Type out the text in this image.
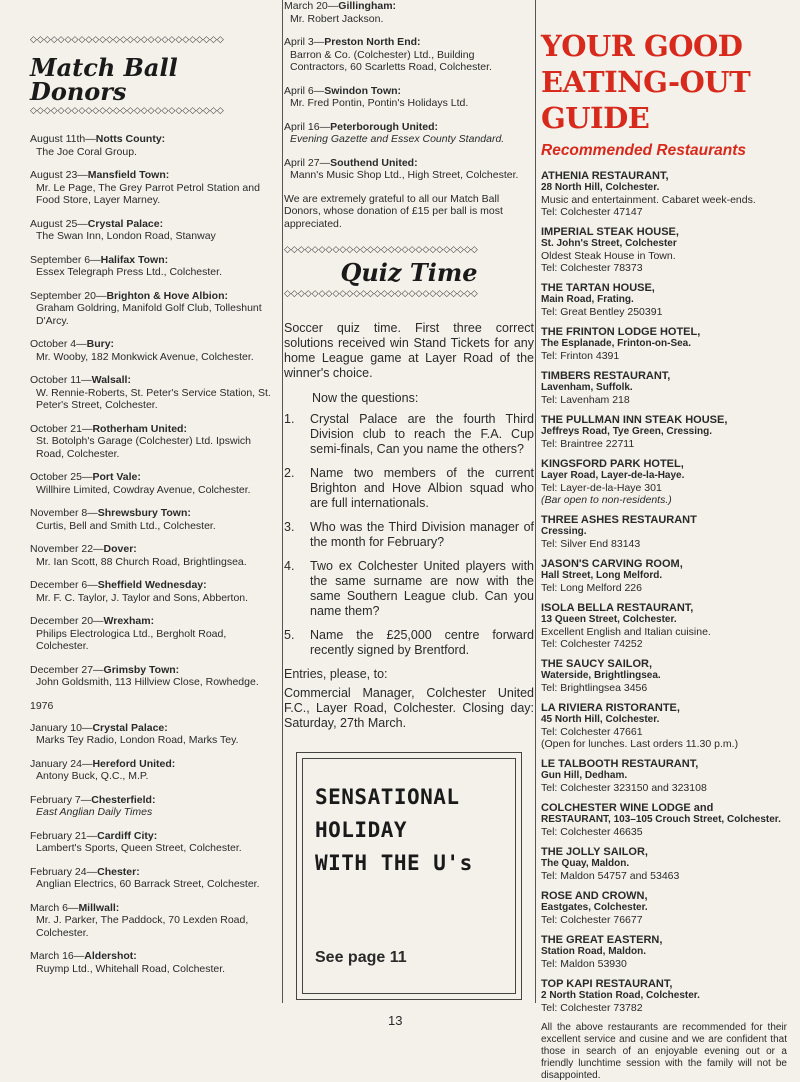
◇◇◇◇◇◇◇◇◇◇◇◇◇◇◇◇◇◇◇◇◇◇◇◇◇◇◇◇
Match Ball
Donors
◇◇◇◇◇◇◇◇◇◇◇◇◇◇◇◇◇◇◇◇◇◇◇◇◇◇◇◇
August 11th—Notts County:
The Joe Coral Group.
August 23—Mansfield Town:
Mr. Le Page, The Grey Parrot Petrol Station and Food Store, Layer Marney.
August 25—Crystal Palace:
The Swan Inn, London Road, Stanway
September 6—Halifax Town:
Essex Telegraph Press Ltd., Colchester.
September 20—Brighton & Hove Albion:
Graham Goldring, Manifold Golf Club, Tolleshunt D'Arcy.
October 4—Bury:
Mr. Wooby, 182 Monkwick Avenue, Colchester.
October 11—Walsall:
W. Rennie-Roberts, St. Peter's Service Station, St. Peter's Street, Colchester.
October 21—Rotherham United:
St. Botolph's Garage (Colchester) Ltd. Ipswich Road, Colchester.
October 25—Port Vale:
Willhire Limited, Cowdray Avenue, Colchester.
November 8—Shrewsbury Town:
Curtis, Bell and Smith Ltd., Colchester.
November 22—Dover:
Mr. Ian Scott, 88 Church Road, Brightlingsea.
December 6—Sheffield Wednesday:
Mr. F. C. Taylor, J. Taylor and Sons, Abberton.
December 20—Wrexham:
Philips Electrologica Ltd., Bergholt Road, Colchester.
December 27—Grimsby Town:
John Goldsmith, 113 Hillview Close, Rowhedge.
1976
January 10—Crystal Palace:
Marks Tey Radio, London Road, Marks Tey.
January 24—Hereford United:
Antony Buck, Q.C., M.P.
February 7—Chesterfield:
East Anglian Daily Times
February 21—Cardiff City:
Lambert's Sports, Queen Street, Colchester.
February 24—Chester:
Anglian Electrics, 60 Barrack Street, Colchester.
March 6—Millwall:
Mr. J. Parker, The Paddock, 70 Lexden Road, Colchester.
March 16—Aldershot:
Ruymp Ltd., Whitehall Road, Colchester.
March 20—Gillingham:
Mr. Robert Jackson.
April 3—Preston North End:
Barron & Co. (Colchester) Ltd., Building Contractors, 60 Scarletts Road, Colchester.
April 6—Swindon Town:
Mr. Fred Pontin, Pontin's Holidays Ltd.
April 16—Peterborough United:
Evening Gazette and Essex County Standard.
April 27—Southend United:
Mann's Music Shop Ltd., High Street, Colchester.
We are extremely grateful to all our Match Ball Donors, whose donation of £15 per ball is most appreciated.
◇◇◇◇◇◇◇◇◇◇◇◇◇◇◇◇◇◇◇◇◇◇◇◇◇◇◇◇
Quiz Time
◇◇◇◇◇◇◇◇◇◇◇◇◇◇◇◇◇◇◇◇◇◇◇◇◇◇◇◇

Soccer quiz time. First three correct solutions received win Stand Tickets for any home League game at Layer Road of the winner's choice.

Now the questions:

1.	Crystal Palace are the fourth Third Division club to reach the F.A. Cup semi-finals, Can you name the others?
2.	Name two members of the current Brighton and Hove Albion squad who are full internationals.
3.	Who was the Third Division manager of the month for February?
4.	Two ex Colchester United players with the same surname are now with the same Southern League club. Can you name them?
5.	Name the £25,000 centre forward recently signed by Brentford.

Entries, please, to:

Commercial Manager, Colchester United F.C., Layer Road, Colchester. Closing day: Saturday, 27th March.

SENSATIONAL
HOLIDAY
WITH THE U's
See page 11
YOUR GOOD
EATING-OUT GUIDE
Recommended Restaurants
ATHENIA RESTAURANT,
28 North Hill, Colchester.
Music and entertainment. Cabaret week-ends.
Tel: Colchester 47147
IMPERIAL STEAK HOUSE,
St. John's Street, Colchester
Oldest Steak House in Town.
Tel: Colchester 78373
THE TARTAN HOUSE,
Main Road, Frating.
Tel: Great Bentley 250391
THE FRINTON LODGE HOTEL,
The Esplanade, Frinton-on-Sea.
Tel: Frinton 4391
TIMBERS RESTAURANT,
Lavenham, Suffolk.
Tel: Lavenham 218
THE PULLMAN INN STEAK HOUSE,
Jeffreys Road, Tye Green, Cressing.
Tel: Braintree 22711
KINGSFORD PARK HOTEL,
Layer Road, Layer-de-la-Haye.
Tel: Layer-de-la-Haye 301
(Bar open to non-residents.)
THREE ASHES RESTAURANT
Cressing.
Tel: Silver End 83143
JASON'S CARVING ROOM,
Hall Street, Long Melford.
Tel: Long Melford 226
ISOLA BELLA RESTAURANT,
13 Queen Street, Colchester.
Excellent English and Italian cuisine.
Tel: Colchester 74252
THE SAUCY SAILOR,
Waterside, Brightlingsea.
Tel: Brightlingsea 3456
LA RIVIERA RISTORANTE,
45 North Hill, Colchester.
Tel: Colchester 47661
(Open for lunches. Last orders 11.30 p.m.)
LE TALBOOTH RESTAURANT,
Gun Hill, Dedham.
Tel: Colchester 323150 and 323108
COLCHESTER WINE LODGE and
RESTAURANT, 103–105 Crouch Street, Colchester.
Tel: Colchester 46635
THE JOLLY SAILOR,
The Quay, Maldon.
Tel: Maldon 54757 and 53463
ROSE AND CROWN,
Eastgates, Colchester.
Tel: Colchester 76677
THE GREAT EASTERN,
Station Road, Maldon.
Tel: Maldon 53930
TOP KAPI RESTAURANT,
2 North Station Road, Colchester.
Tel: Colchester 73782
All the above restaurants are recommended for their excellent service and cusine and we are confident that those in search of an enjoyable evening out or a friendly lunchtime session with the family will not be disappointed.
13
